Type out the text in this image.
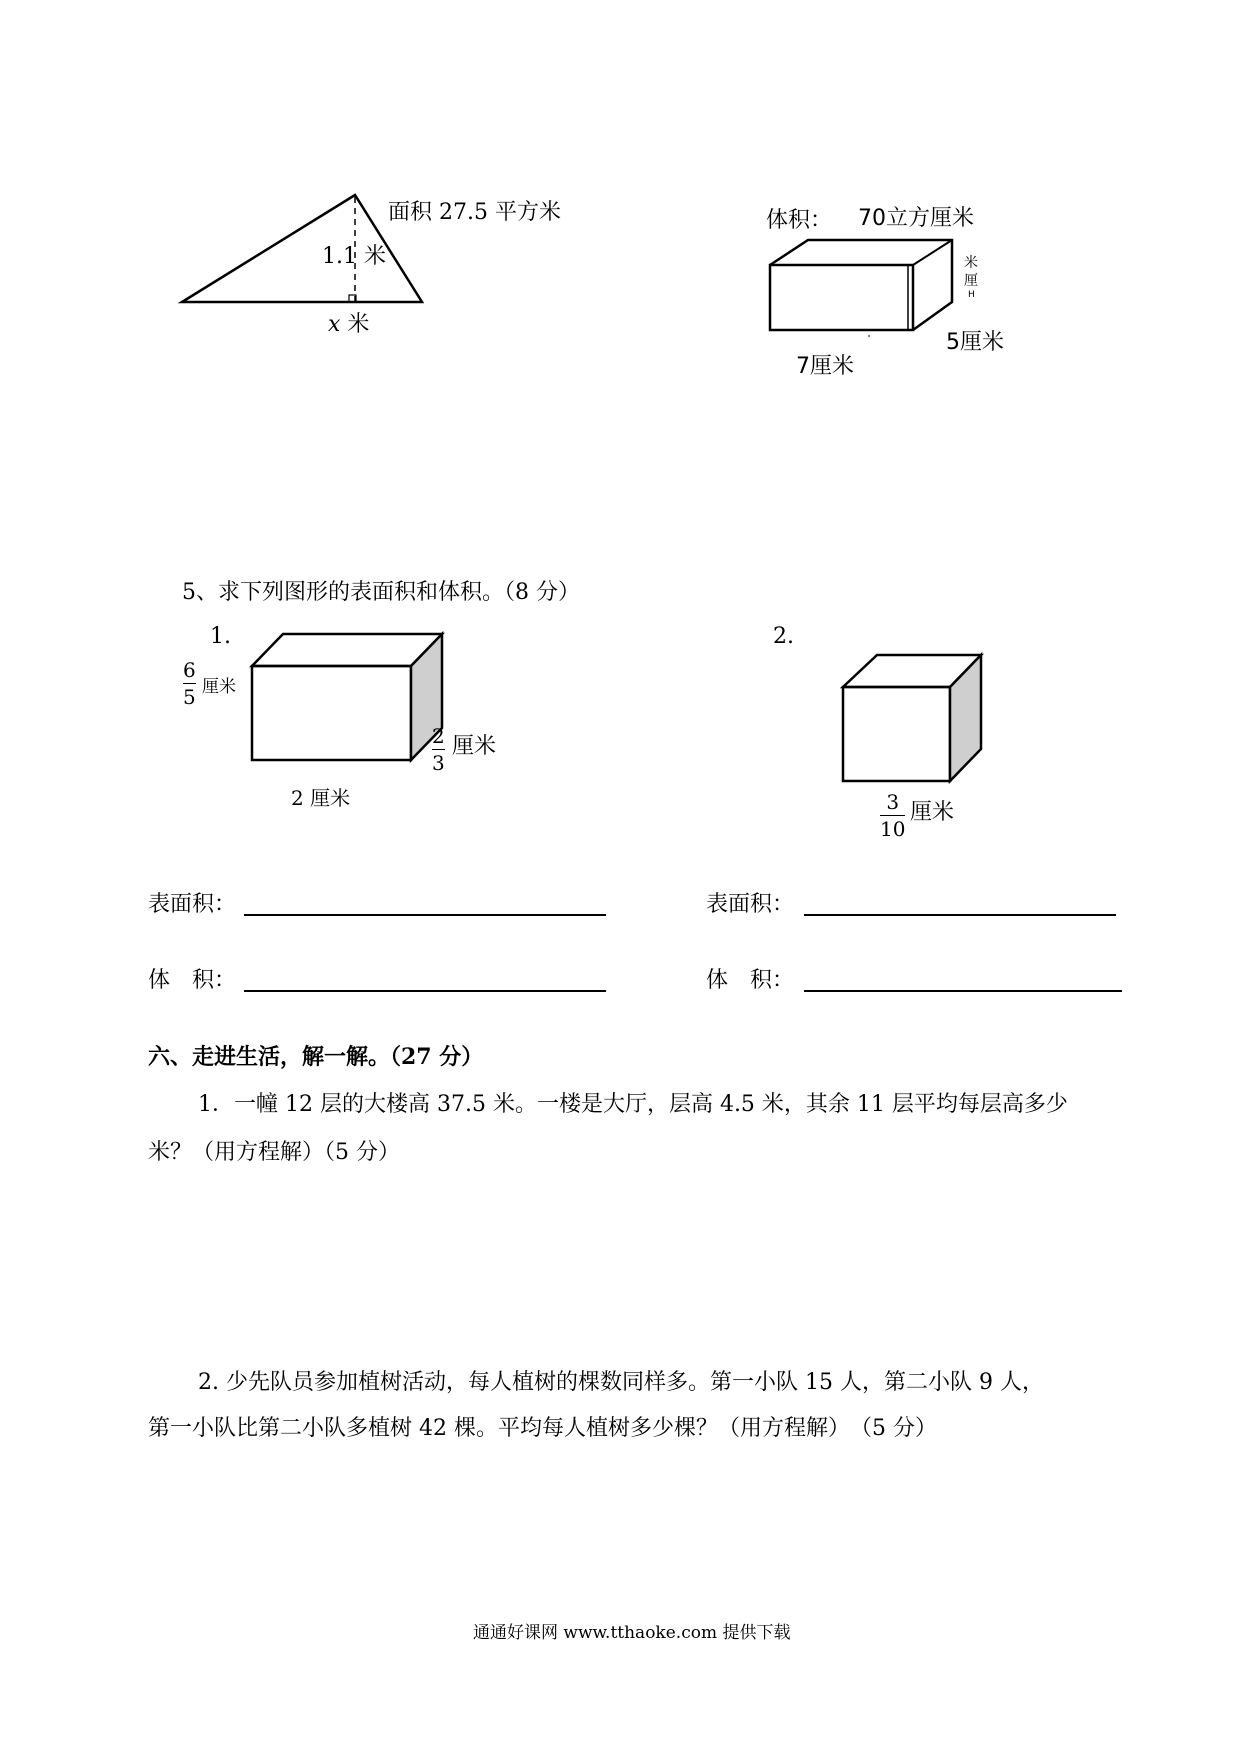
面积 27.5 平方米
1.1 米
x 米
体积： 70立方厘米
米
厘
H
5厘米
7厘米
5、求下列图形的表面积和体积。（8 分）
1.
6
5 厘米
2
3
厘米
2 厘米
2.
3
10
厘米
表面积：	表面积：
体　积：	体　积：
六、走进生活，解一解。（27 分）
1．一幢 12 层的大楼高 37.5 米。一楼是大厅，层高 4.5 米，其余 11 层平均每层高多少
米？（用方程解）（5 分）
2. 少先队员参加植树活动，每人植树的棵数同样多。第一小队 15 人，第二小队 9 人，
第一小队比第二小队多植树 42 棵。平均每人植树多少棵？（用方程解）　（5 分）
通通好课网 www.tthaoke.com 提供下载
